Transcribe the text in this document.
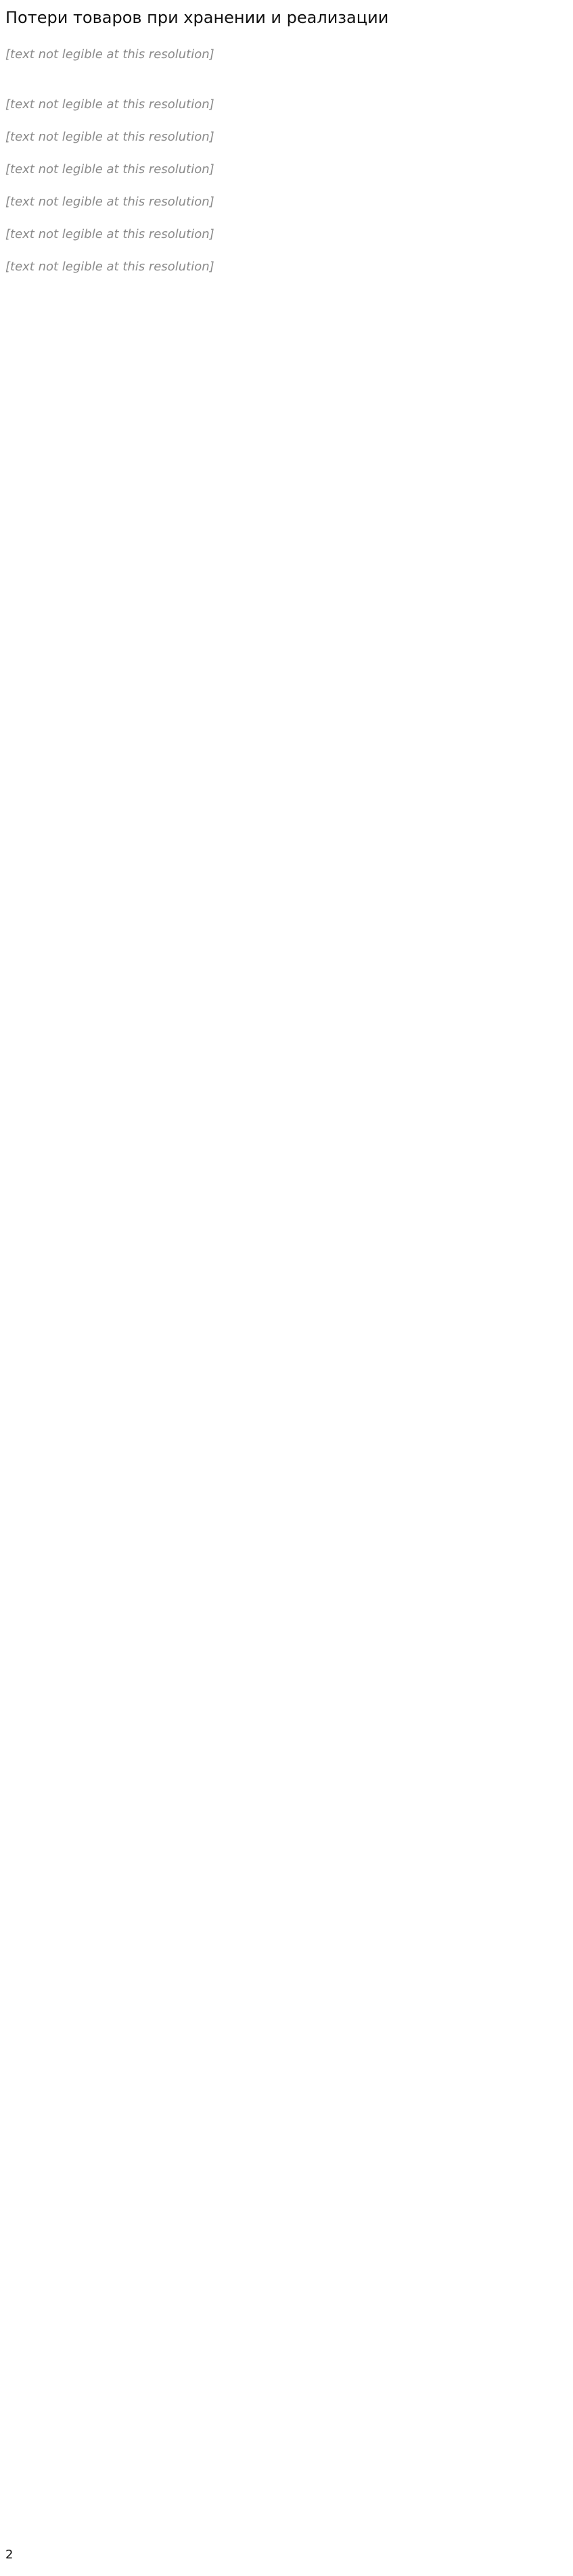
Потери товаров при хранении и реализации

[text not legible at this resolution]

[text not legible at this resolution]

[text not legible at this resolution]

[text not legible at this resolution]

[text not legible at this resolution]

[text not legible at this resolution]

[text not legible at this resolution]

2
